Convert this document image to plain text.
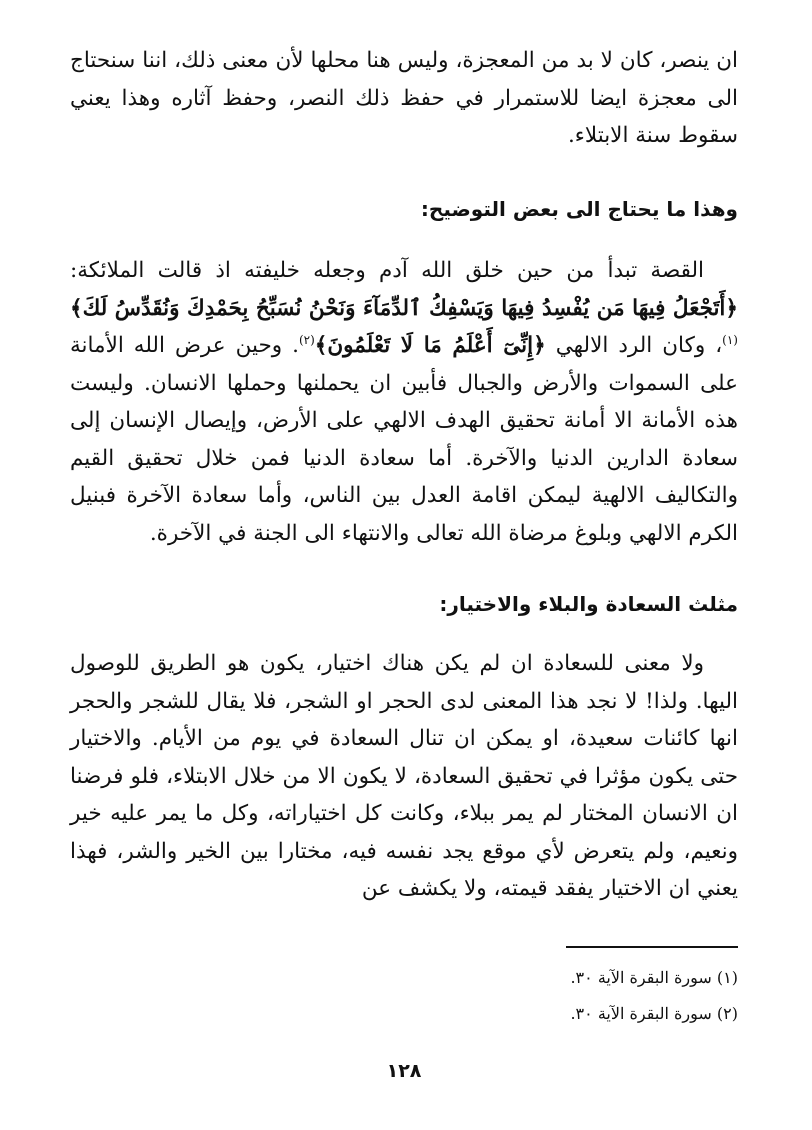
ان ينصر، كان لا بد من المعجزة، وليس هنا محلها لأن معنى ذلك، اننا سنحتاج الى معجزة ايضا للاستمرار في حفظ ذلك النصر، وحفظ آثاره وهذا يعني سقوط سنة الابتلاء.

وهذا ما يحتاج الى بعض التوضيح:

القصة تبدأ من حين خلق الله آدم وجعله خليفته اذ قالت الملائكة: ﴿أَتَجْعَلُ فِيهَا مَن يُفْسِدُ فِيهَا وَيَسْفِكُ ٱلدِّمَآءَ وَنَحْنُ نُسَبِّحُ بِحَمْدِكَ وَنُقَدِّسُ لَكَ﴾$^{(١)}$، وكان الرد الالهي ﴿إِنِّىٓ أَعْلَمُ مَا لَا تَعْلَمُونَ﴾$^{(٢)}$. وحين عرض الله الأمانة على السموات والأرض والجبال فأبين ان يحملنها وحملها الانسان. وليست هذه الأمانة الا أمانة تحقيق الهدف الالهي على الأرض، وإيصال الإنسان إلى سعادة الدارين الدنيا والآخرة. أما سعادة الدنيا فمن خلال تحقيق القيم والتكاليف الالهية ليمكن اقامة العدل بين الناس، وأما سعادة الآخرة فبنيل الكرم الالهي وبلوغ مرضاة الله تعالى والانتهاء الى الجنة في الآخرة.

مثلث السعادة والبلاء والاختيار:

ولا معنى للسعادة ان لم يكن هناك اختيار، يكون هو الطريق للوصول اليها. ولذا! لا نجد هذا المعنى لدى الحجر او الشجر، فلا يقال للشجر والحجر انها كائنات سعيدة، او يمكن ان تنال السعادة في يوم من الأيام. والاختيار حتى يكون مؤثرا في تحقيق السعادة، لا يكون الا من خلال الابتلاء، فلو فرضنا ان الانسان المختار لم يمر ببلاء، وكانت كل اختياراته، وكل ما يمر عليه خير ونعيم، ولم يتعرض لأي موقع يجد نفسه فيه، مختارا بين الخير والشر، فهذا يعني ان الاختيار يفقد قيمته، ولا يكشف عن

(١) سورة البقرة الآية ٣٠.
(٢) سورة البقرة الآية ٣٠.
١٢٨
